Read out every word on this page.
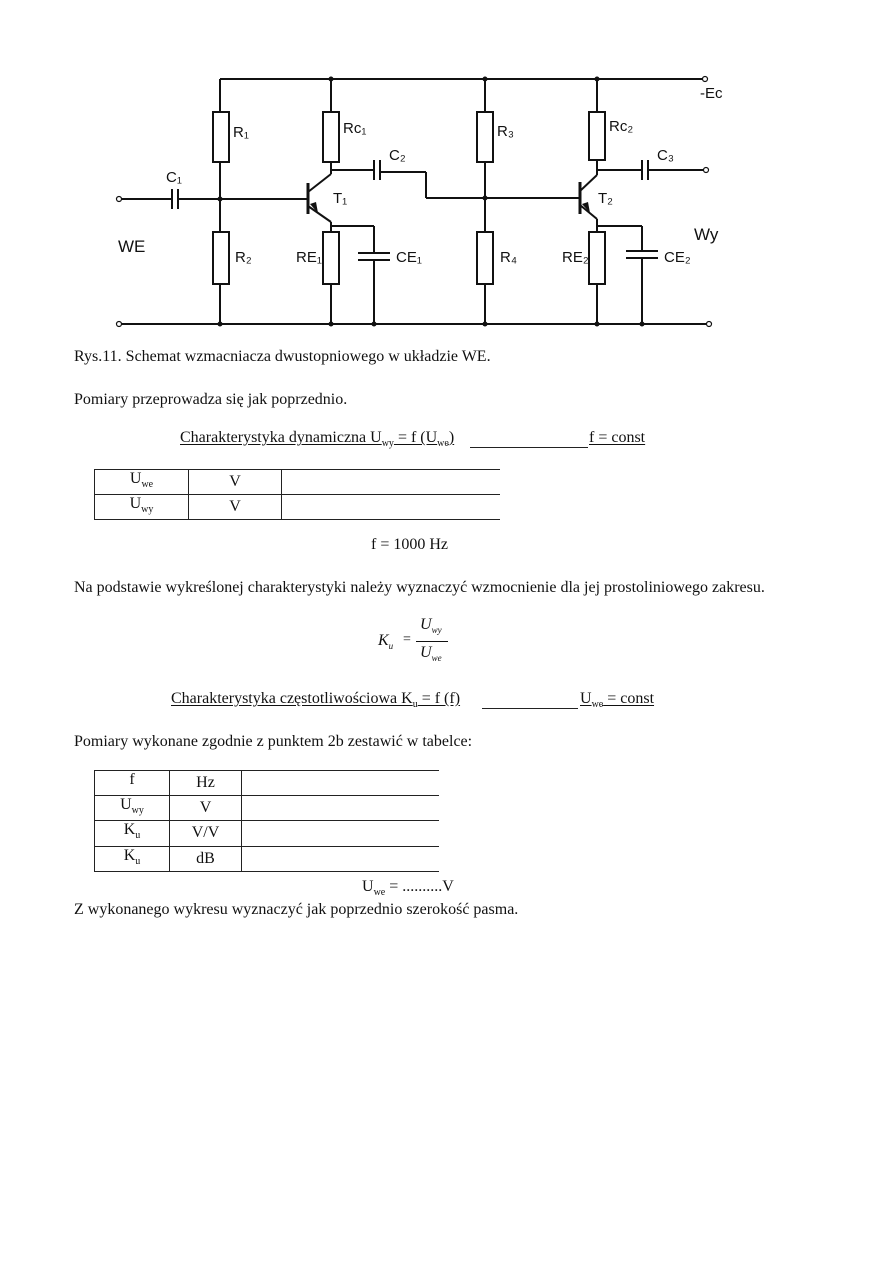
R₁	Rc₁	R₃	Rc₂
C₁
C₂	C₃
T₁	T₂
R₂	RE₁	CE₁	R₄	RE₂	CE₂
-Ec
WE
Wy
Rys.11. Schemat wzmacniacza dwustopniowego w układzie WE.
Pomiary przeprowadza się jak poprzednio.
Charakterystyka dynamiczna $U_{wy} = f$ $(U_{we})$	f = const
$U_{we}$	V	
$U_{wy}$	V	
f = 1000 Hz
Na podstawie wykreślonej charakterystyki należy wyznaczyć wzmocnienie dla jej prostoliniowego zakresu.
$K_u$ =
$U_{wy}$
$U_{we}$
Charakterystyka częstotliwościowa $K_u = f$ (f)	$U_{we}$ = const
Pomiary wykonane zgodnie z punktem 2b zestawić w tabelce:
f	Hz	
$U_{wy}$	V	
$K_u$	V/V	
$K_u$	dB	
$U_{we} = ..........V$
Z wykonanego wykresu wyznaczyć jak poprzednio szerokość pasma.
